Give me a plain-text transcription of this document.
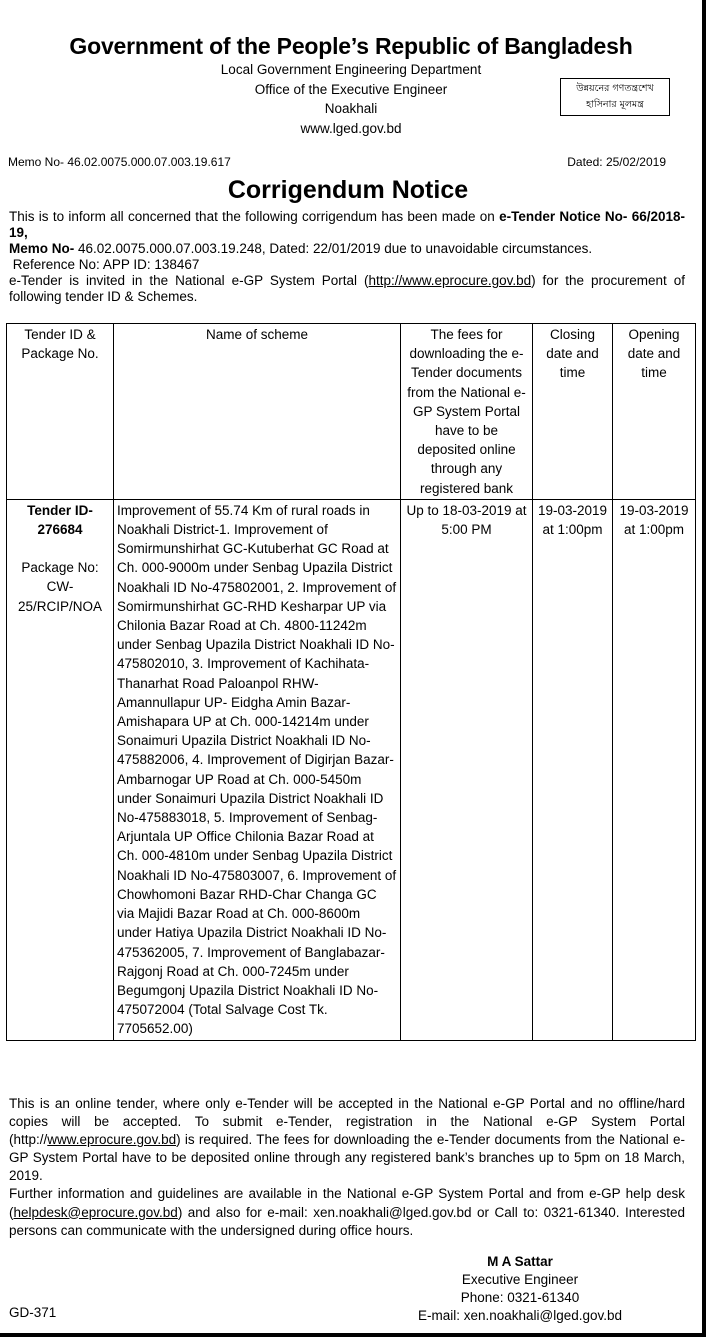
Government of the People’s Republic of Bangladesh
Local Government Engineering Department
Office of the Executive Engineer
Noakhali
www.lged.gov.bd
উন্নয়নের গণতন্ত্রশেখ
হাসিনার মূলমন্ত্র
Memo No- 46.02.0075.000.07.003.19.617	Dated: 25/02/2019
Corrigendum Notice

This is to inform all concerned that the following corrigendum has been made on e-Tender Notice No- 66/2018-19,

Memo No- 46.02.0075.000.07.003.19.248, Dated: 22/01/2019 due to unavoidable circumstances.

Reference No: APP ID: 138467

e-Tender is invited in the National e-GP System Portal (http://www.eprocure.gov.bd) for the procurement of following tender ID & Schemes.

Tender ID & Package No.	Name of scheme	The fees for downloading the e-Tender documents from the National e-GP System Portal have to be deposited online through any registered bank	Closing date and time	Opening date and time

Tender ID-276684
Package No: CW-25/RCIP/NOA	Improvement of 55.74 Km of rural roads in Noakhali District-1. Improvement of Somirmunshirhat GC-Kutuberhat GC Road at Ch. 000-9000m under Senbag Upazila District Noakhali ID No-475802001, 2. Improvement of Somirmunshirhat GC-RHD Kesharpar UP via Chilonia Bazar Road at Ch. 4800-11242m under Senbag Upazila District Noakhali ID No-475802010, 3. Improvement of Kachihata-Thanarhat Road Paloanpol RHW-Amannullapur UP- Eidgha Amin Bazar- Amishapara UP at Ch. 000-14214m under Sonaimuri Upazila District Noakhali ID No-475882006, 4. Improvement of Digirjan Bazar-Ambarnogar UP Road at Ch. 000-5450m under Sonaimuri Upazila District Noakhali ID No-475883018, 5. Improvement of Senbag-Arjuntala UP Office Chilonia Bazar Road at Ch. 000-4810m under Senbag Upazila District Noakhali ID No-475803007, 6. Improvement of Chowhomoni Bazar RHD-Char Changa GC via Majidi Bazar Road at Ch. 000-8600m under Hatiya Upazila District Noakhali ID No-475362005, 7. Improvement of Banglabazar-Rajgonj Road at Ch. 000-7245m under Begumgonj Upazila District Noakhali ID No-475072004 (Total Salvage Cost Tk. 7705652.00)	Up to 18-03-2019 at 5:00 PM	19-03-2019 at 1:00pm	19-03-2019 at 1:00pm

This is an online tender, where only e-Tender will be accepted in the National e-GP Portal and no offline/hard copies will be accepted. To submit e-Tender, registration in the National e-GP System Portal (http://www.eprocure.gov.bd) is required. The fees for downloading the e-Tender documents from the National e-GP System Portal have to be deposited online through any registered bank’s branches up to 5pm on 18 March, 2019.

Further information and guidelines are available in the National e-GP System Portal and from e-GP help desk (helpdesk@eprocure.gov.bd) and also for e-mail: xen.noakhali@lged.gov.bd or Call to: 0321-61340. Interested persons can communicate with the undersigned during office hours.

M A Sattar
Executive Engineer
Phone: 0321-61340
E-mail: xen.noakhali@lged.gov.bd
GD-371
